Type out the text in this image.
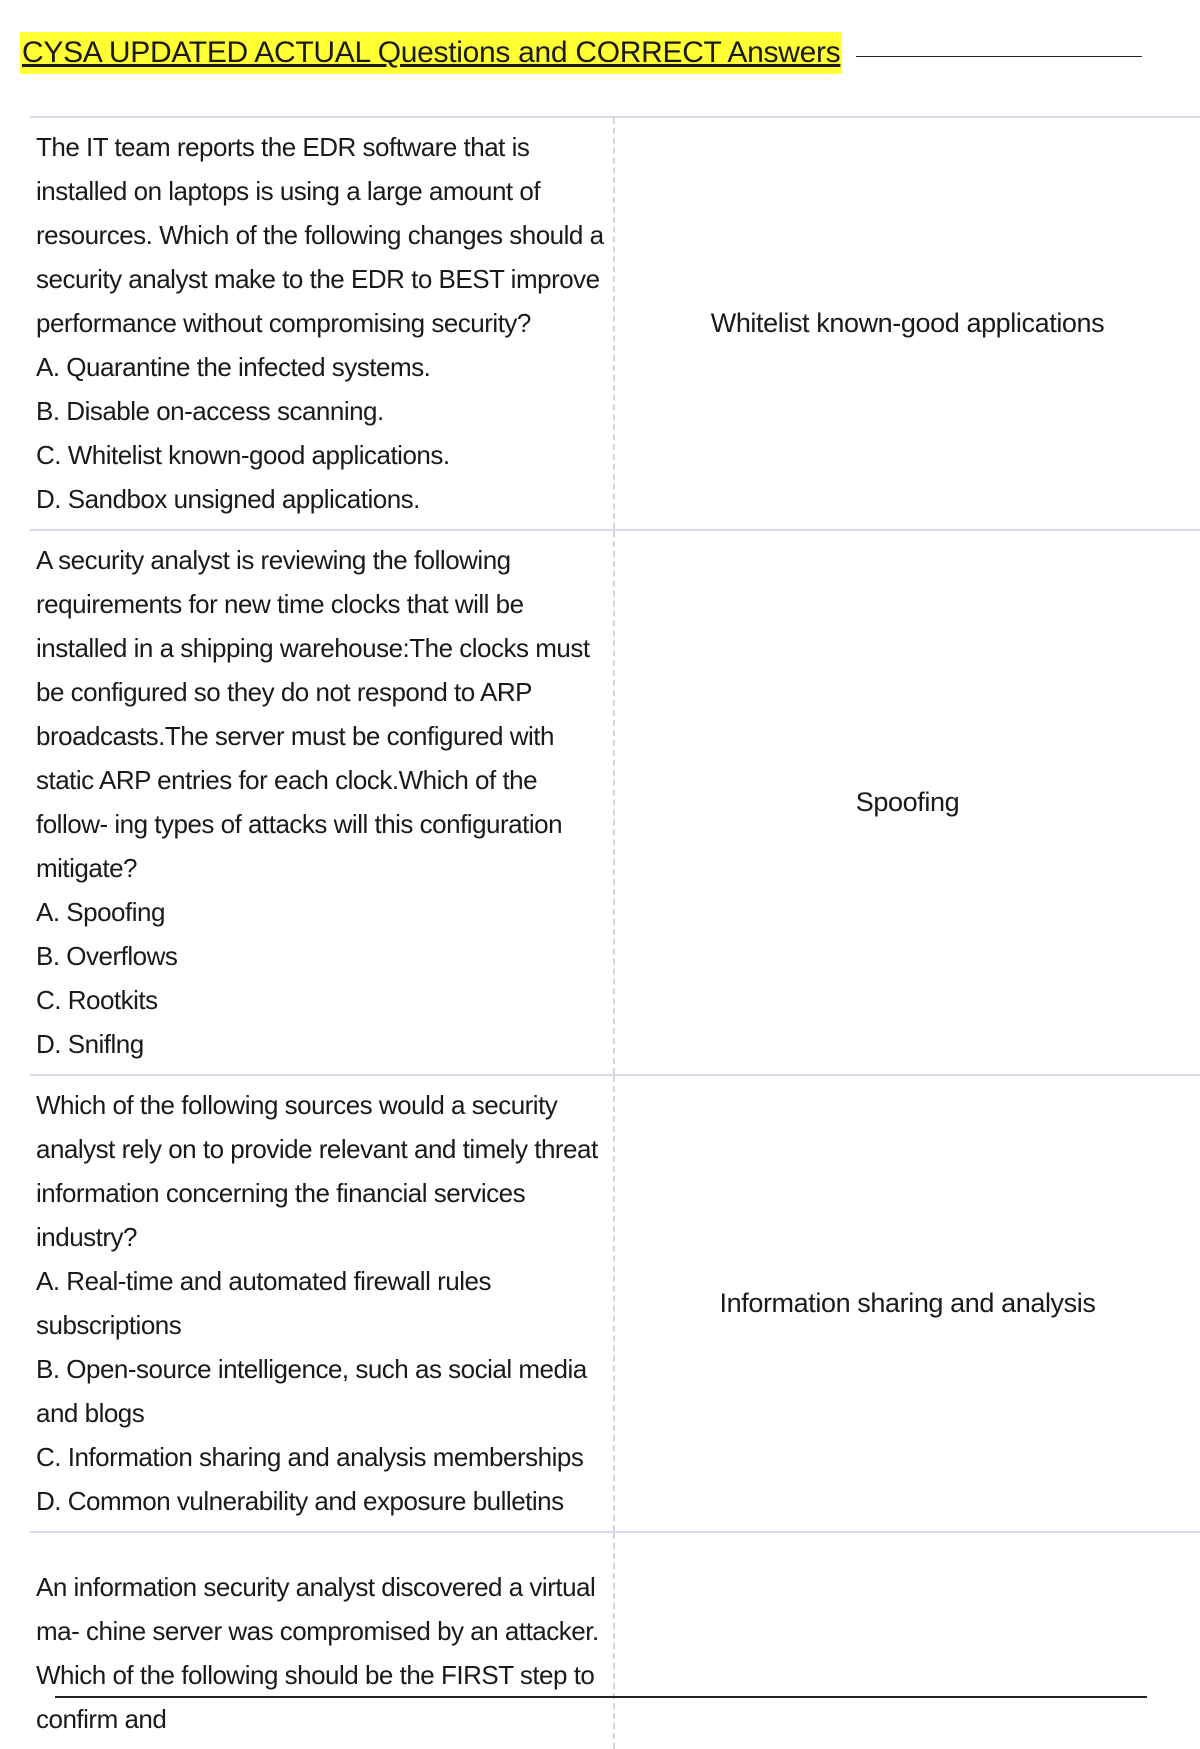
CYSA UPDATED ACTUAL Questions and CORRECT Answers

The IT team reports the EDR software that is installed on laptops is using a large amount of resources. Which of the following changes should a security analyst make to the EDR to BEST improve performance without compromising security?

A. Quarantine the infected systems.
B. Disable on-access scanning.
C. Whitelist known-good applications.
D. Sandbox unsigned applications.
Whitelist known-good applications

A security analyst is reviewing the following requirements for new time clocks that will be installed in a shipping warehouse:The clocks must be configured so they do not respond to ARP broadcasts.The server must be configured with static ARP entries for each clock.Which of the follow- ing types of attacks will this configuration mitigate?

A. Spoofing
B. Overflows
C. Rootkits
D. Sniflng
Spoofing

Which of the following sources would a security analyst rely on to provide relevant and timely threat information concerning the financial services industry?

A. Real-time and automated firewall rules subscriptions
B. Open-source intelligence, such as social media and blogs
C. Information sharing and analysis memberships
D. Common vulnerability and exposure bulletins
Information sharing and analysis

An information security analyst discovered a virtual ma- chine server was compromised by an attacker. Which of the following should be the FIRST step to confirm and
